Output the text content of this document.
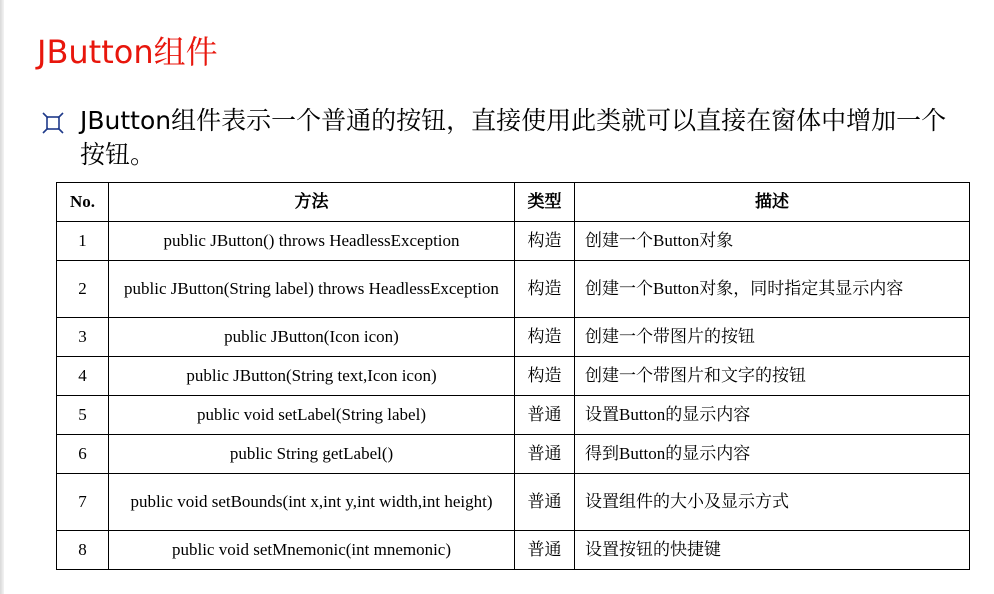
JButton组件
JButton组件表示一个普通的按钮，直接使用此类就可以直接在窗体中增加一个按钮。
No.	方法	类型	描述
1	public JButton() throws HeadlessException	构造	创建一个Button对象
2	public JButton(String label) throws HeadlessException	构造	创建一个Button对象，同时指定其显示内容
3	public JButton(Icon icon)	构造	创建一个带图片的按钮
4	public JButton(String text,Icon icon)	构造	创建一个带图片和文字的按钮
5	public void setLabel(String label)	普通	设置Button的显示内容
6	public String getLabel()	普通	得到Button的显示内容
7	public void setBounds(int x,int y,int width,int height)	普通	设置组件的大小及显示方式
8	public void setMnemonic(int mnemonic)	普通	设置按钮的快捷键
